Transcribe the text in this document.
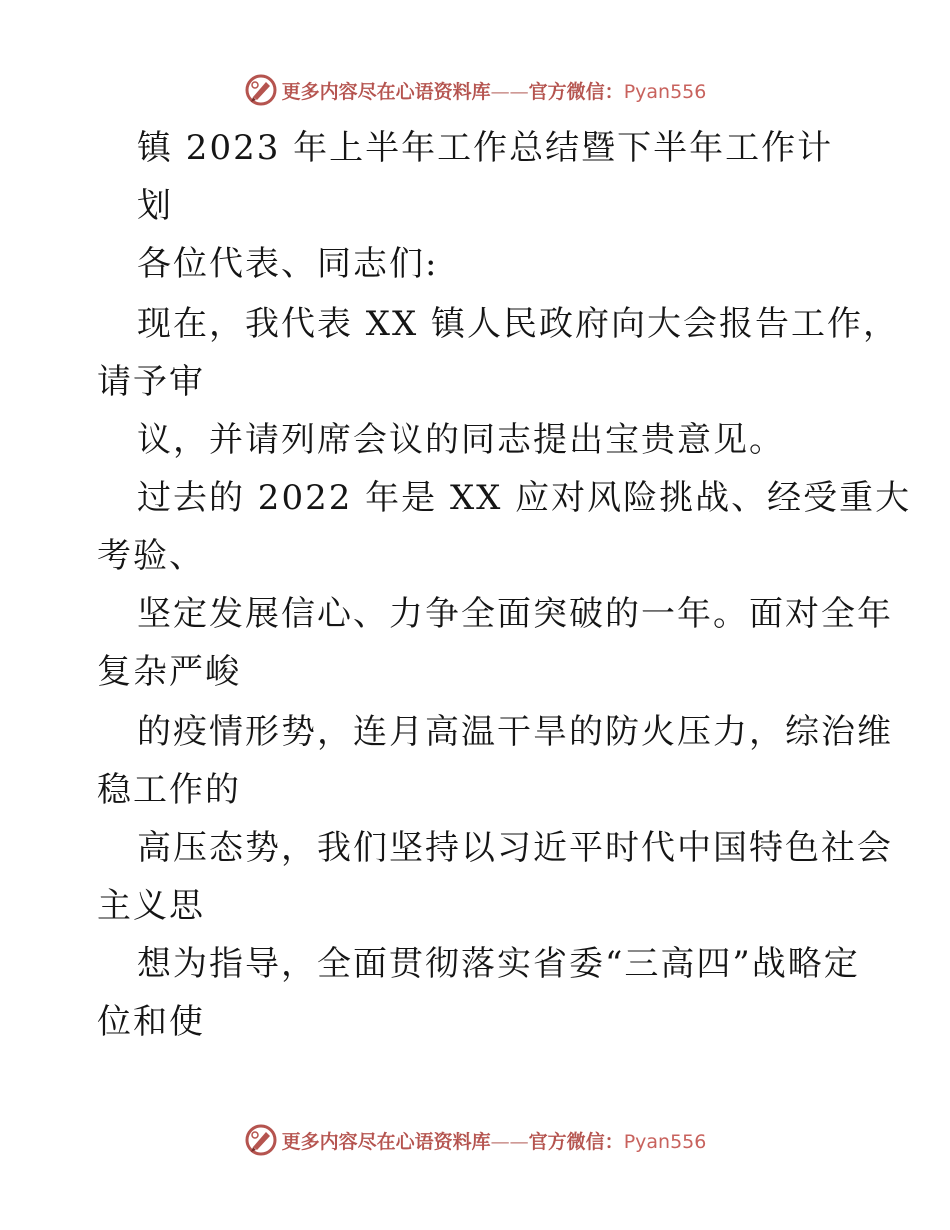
更多内容尽在心语资料库——官方微信：Pyan556
镇 2023 年上半年工作总结暨下半年工作计
划
各位代表、同志们:
现在，我代表 XX 镇人民政府向大会报告工作，
请予审
议，并请列席会议的同志提出宝贵意见。
过去的 2022 年是 XX 应对风险挑战、经受重大
考验、
坚定发展信心、力争全面突破的一年。面对全年
复杂严峻
的疫情形势，连月高温干旱的防火压力，综治维
稳工作的
高压态势，我们坚持以习近平时代中国特色社会
主义思
想为指导，全面贯彻落实省委“三高四”战略定
位和使
更多内容尽在心语资料库——官方微信：Pyan556
